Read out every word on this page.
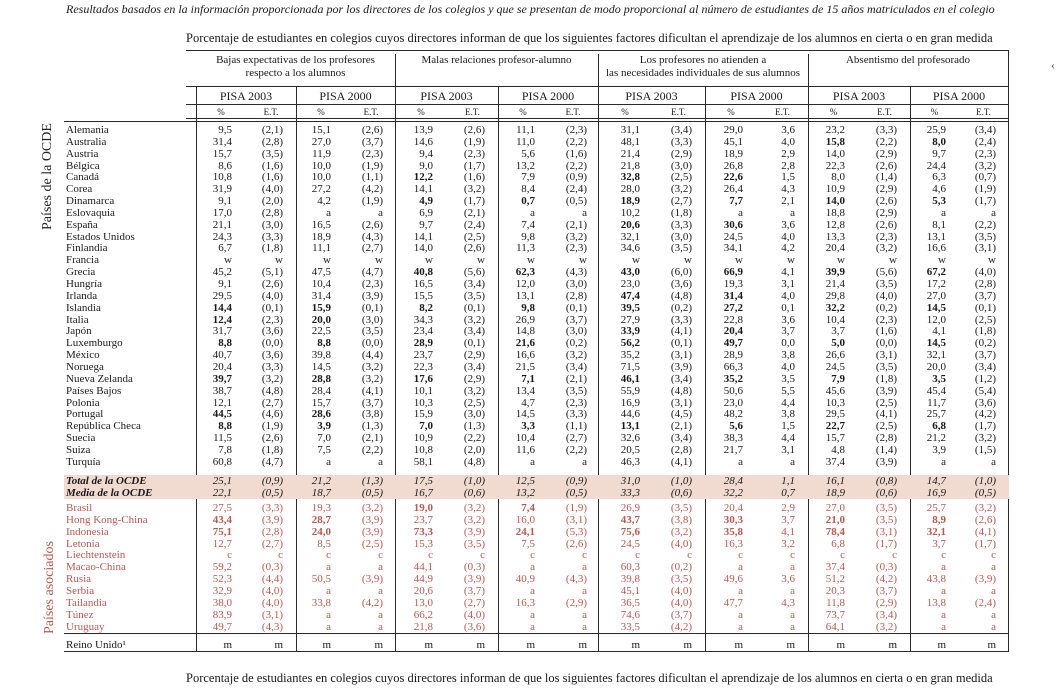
Resultados basados en la información proporcionada por los directores de los colegios y que se presentan de modo proporcional al número de estudiantes de 15 años matriculados en el colegio
Porcentaje de estudiantes en colegios cuyos directores informan de que los siguientes factores dificultan el aprendizaje de los alumnos en cierta o en gran medida
‹
Bajas expectativas de los profesores
respecto a los alumnos
Malas relaciones profesor-alumno	Los profesores no atienden a
las necesidades individuales de sus alumnos
Absentismo del profesorado
PISA 2003	PISA 2000	PISA 2003	PISA 2000	PISA 2003	PISA 2000	PISA 2003	PISA 2000
%	E.T.	%	E.T.	%	E.T.	%	E.T.	%	E.T.	%	E.T.	%	E.T.	%	E.T.
Países de la OCDE
Países asociados
Alemania	9,5	(2,1)	15,1	(2,6)	13,9	(2,6)	11,1	(2,3)	31,1	(3,4)	29,0	3,6	23,2	(3,3)	25,9	(3,4)
Australia	31,4	(2,8)	27,0	(3,7)	14,6	(1,9)	11,0	(2,2)	48,1	(3,3)	45,1	4,0	15,8	(2,2)	8,0	(2,4)
Austria	15,7	(3,5)	11,9	(2,3)	9,4	(2,3)	5,6	(1,6)	21,4	(2,9)	18,9	2,9	14,0	(2,9)	9,7	(2,3)
Bélgica	8,6	(1,6)	10,0	(1,9)	9,0	(1,7)	13,2	(2,2)	21,8	(3,0)	26,8	2,8	22,3	(2,6)	24,4	(3,2)
Canadá	10,8	(1,6)	10,0	(1,1)	12,2	(1,6)	7,9	(0,9)	32,8	(2,5)	22,6	1,5	8,0	(1,4)	6,3	(0,7)
Corea	31,9	(4,0)	27,2	(4,2)	14,1	(3,2)	8,4	(2,4)	28,0	(3,2)	26,4	4,3	10,9	(2,9)	4,6	(1,9)
Dinamarca	9,1	(2,0)	4,2	(1,9)	4,9	(1,7)	0,7	(0,5)	18,9	(2,7)	7,7	2,1	14,0	(2,6)	5,3	(1,7)
Eslovaquia	17,0	(2,8)	a	a	6,9	(2,1)	a	a	10,2	(1,8)	a	a	18,8	(2,9)	a	a
España	21,1	(3,0)	16,5	(2,6)	9,7	(2,4)	7,4	(2,1)	20,6	(3,3)	30,6	3,6	12,8	(2,6)	8,1	(2,2)
Estados Unidos	24,3	(3,3)	18,9	(4,3)	14,1	(2,5)	9,8	(3,2)	32,1	(3,0)	24,5	4,0	13,3	(2,3)	13,1	(3,5)
Finlandia	6,7	(1,8)	11,1	(2,7)	14,0	(2,6)	11,3	(2,3)	34,6	(3,5)	34,1	4,2	20,4	(3,2)	16,6	(3,1)
Francia	w	w	w	w	w	w	w	w	w	w	w	w	w	w	w	w
Grecia	45,2	(5,1)	47,5	(4,7)	40,8	(5,6)	62,3	(4,3)	43,0	(6,0)	66,9	4,1	39,9	(5,6)	67,2	(4,0)
Hungría	9,1	(2,6)	10,4	(2,3)	16,5	(3,4)	12,0	(3,0)	23,0	(3,6)	19,3	3,1	21,4	(3,5)	17,2	(2,8)
Irlanda	29,5	(4,0)	31,4	(3,9)	15,5	(3,5)	13,1	(2,8)	47,4	(4,8)	31,4	4,0	29,8	(4,0)	27,0	(3,7)
Islandia	14,4	(0,1)	15,9	(0,1)	8,2	(0,1)	9,8	(0,1)	39,5	(0,2)	27,2	0,1	32,2	(0,2)	14,5	(0,1)
Italia	12,4	(2,3)	20,0	(3,0)	34,3	(3,2)	26,9	(3,7)	27,9	(3,3)	22,8	3,6	10,4	(2,3)	12,0	(2,5)
Japón	31,7	(3,6)	22,5	(3,5)	23,4	(3,4)	14,8	(3,0)	33,9	(4,1)	20,4	3,7	3,7	(1,6)	4,1	(1,8)
Luxemburgo	8,8	(0,0)	8,8	(0,0)	28,9	(0,1)	21,6	(0,2)	56,2	(0,1)	49,7	0,0	5,0	(0,0)	14,5	(0,2)
México	40,7	(3,6)	39,8	(4,4)	23,7	(2,9)	16,6	(3,2)	35,2	(3,1)	28,9	3,8	26,6	(3,1)	32,1	(3,7)
Noruega	20,4	(3,3)	14,5	(3,2)	22,3	(3,4)	21,5	(3,4)	71,5	(3,9)	66,3	4,0	24,5	(3,5)	20,0	(3,4)
Nueva Zelanda	39,7	(3,2)	28,8	(3,2)	17,6	(2,9)	7,1	(2,1)	46,1	(3,4)	35,2	3,5	7,9	(1,8)	3,5	(1,2)
Países Bajos	38,7	(4,8)	28,4	(4,1)	10,1	(3,2)	13,4	(3,5)	55,9	(4,8)	50,6	5,5	45,6	(3,9)	45,4	(5,4)
Polonia	12,1	(2,7)	15,7	(3,7)	10,3	(2,5)	4,7	(2,3)	16,9	(3,1)	23,0	4,4	10,3	(2,5)	11,7	(3,6)
Portugal	44,5	(4,6)	28,6	(3,8)	15,9	(3,0)	14,5	(3,3)	44,6	(4,5)	48,2	3,8	29,5	(4,1)	25,7	(4,2)
República Checa	8,8	(1,9)	3,9	(1,3)	7,0	(1,3)	3,3	(1,1)	13,1	(2,1)	5,6	1,5	22,7	(2,5)	6,8	(1,7)
Suecia	11,5	(2,6)	7,0	(2,1)	10,9	(2,2)	10,4	(2,7)	32,6	(3,4)	38,3	4,4	15,7	(2,8)	21,2	(3,2)
Suiza	7,8	(1,8)	7,5	(2,2)	10,8	(2,0)	11,6	(2,2)	20,5	(2,8)	21,7	3,1	4,8	(1,4)	3,9	(1,5)
Turquía	60,8	(4,7)	a	a	58,1	(4,8)	a	a	46,3	(4,1)	a	a	37,4	(3,9)	a	a
Total de la OCDE	25,1	(0,9)	21,2	(1,3)	17,5	(1,0)	12,5	(0,9)	31,0	(1,0)	28,4	1,1	16,1	(0,8)	14,7	(1,0)
Media de la OCDE	22,1	(0,5)	18,7	(0,5)	16,7	(0,6)	13,2	(0,5)	33,3	(0,6)	32,2	0,7	18,9	(0,6)	16,9	(0,5)
Brasil	27,5	(3,3)	19,3	(3,2)	19,0	(3,2)	7,4	(1,9)	26,9	(3,5)	20,4	2,9	27,0	(3,5)	25,7	(3,2)
Hong Kong-China	43,4	(3,9)	28,7	(3,9)	23,7	(3,2)	16,0	(3,1)	43,7	(3,8)	30,3	3,7	21,0	(3,5)	8,9	(2,6)
Indonesia	75,1	(2,8)	24,0	(3,9)	73,3	(3,9)	24,1	(5,3)	75,6	(3,2)	35,8	4,1	78,4	(3,1)	32,1	(4,1)
Letonia	12,7	(2,7)	8,5	(2,5)	15,3	(3,5)	7,5	(2,6)	24,5	(4,0)	16,3	3,2	6,8	(1,7)	3,7	(1,7)
Liechtenstein	c	c	c	c	c	c	c	c	c	c	c	c	c	c	c	c
Macao-China	59,2	(0,3)	a	a	44,1	(0,3)	a	a	60,3	(0,2)	a	a	37,4	(0,3)	a	a
Rusia	52,3	(4,4)	50,5	(3,9)	44,9	(3,9)	40,9	(4,3)	39,8	(3,5)	49,6	3,6	51,2	(4,2)	43,8	(3,9)
Serbia	32,9	(4,0)	a	a	20,6	(3,7)	a	a	45,1	(4,0)	a	a	20,3	(3,7)	a	a
Tailandia	38,0	(4,0)	33,8	(4,2)	13,0	(2,7)	16,3	(2,9)	36,5	(4,0)	47,7	4,3	11,8	(2,9)	13,8	(2,4)
Túnez	83,9	(3,1)	a	a	66,2	(4,0)	a	a	74,6	(3,7)	a	a	73,7	(3,4)	a	a
Uruguay	49,7	(4,3)	a	a	21,8	(3,6)	a	a	33,5	(4,2)	a	a	64,1	(3,2)	a	a
Reino Unido¹	m	m	m	m	m	m	m	m	m	m	m	m	m	m	m	m
Porcentaje de estudiantes en colegios cuyos directores informan de que los siguientes factores dificultan el aprendizaje de los alumnos en cierta o en gran medida
